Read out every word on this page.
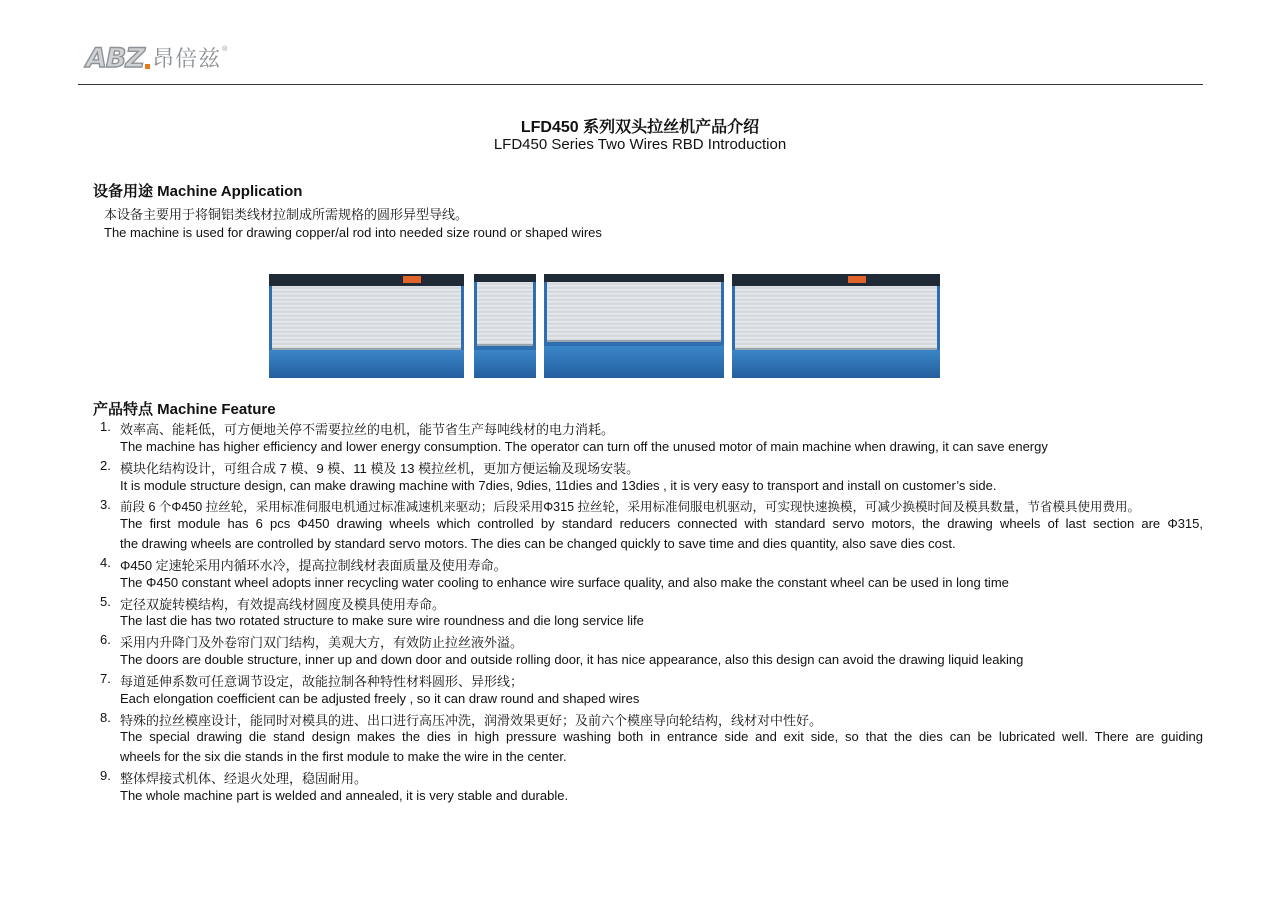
ABZ 昂倍兹 ®
LFD450 系列双头拉丝机产品介绍
LFD450 Series Two Wires RBD Introduction
设备用途 Machine Application
本设备主要用于将铜铝类线材拉制成所需规格的圆形异型导线。
The machine is used for drawing copper/al rod into needed size round or shaped wires
产品特点 Machine Feature
1. 效率高、能耗低，可方便地关停不需要拉丝的电机，能节省生产每吨线材的电力消耗。
The machine has higher efficiency and lower energy consumption. The operator can turn off the unused motor of main machine when drawing, it can save energy
2. 模块化结构设计，可组合成 7 模、9 模、11 模及 13 模拉丝机，更加方便运输及现场安装。
It is module structure design, can make drawing machine with 7dies, 9dies, 11dies and 13dies , it is very easy to transport and install on customer’s side.
3. 前段 6 个Φ450 拉丝轮，采用标准伺服电机通过标准减速机来驱动；后段采用Φ315 拉丝轮，采用标准伺服电机驱动，可实现快速换模，可减少换模时间及模具数量，节省模具使用费用。
The first module has 6 pcs Φ450 drawing wheels which controlled by standard reducers connected with standard servo motors, the drawing wheels of last section are Φ315,
the drawing wheels are controlled by standard servo motors. The dies can be changed quickly to save time and dies quantity, also save dies cost.
4. Φ450 定速轮采用内循环水冷，提高拉制线材表面质量及使用寿命。
The Φ450 constant wheel adopts inner recycling water cooling to enhance wire surface quality, and also make the constant wheel can be used in long time
5. 定径双旋转模结构，有效提高线材圆度及模具使用寿命。
The last die has two rotated structure to make sure wire roundness and die long service life
6. 采用内升降门及外卷帘门双门结构，美观大方，有效防止拉丝液外溢。
The doors are double structure, inner up and down door and outside rolling door, it has nice appearance, also this design can avoid the drawing liquid leaking
7. 每道延伸系数可任意调节设定，故能拉制各种特性材料圆形、异形线；
Each elongation coefficient can be adjusted freely , so it can draw round and shaped wires
8. 特殊的拉丝模座设计，能同时对模具的进、出口进行高压冲洗，润滑效果更好；及前六个模座导向轮结构，线材对中性好。
The special drawing die stand design makes the dies in high pressure washing both in entrance side and exit side, so that the dies can be lubricated well. There are guiding
wheels for the six die stands in the first module to make the wire in the center.
9. 整体焊接式机体、经退火处理，稳固耐用。
The whole machine part is welded and annealed, it is very stable and durable.
